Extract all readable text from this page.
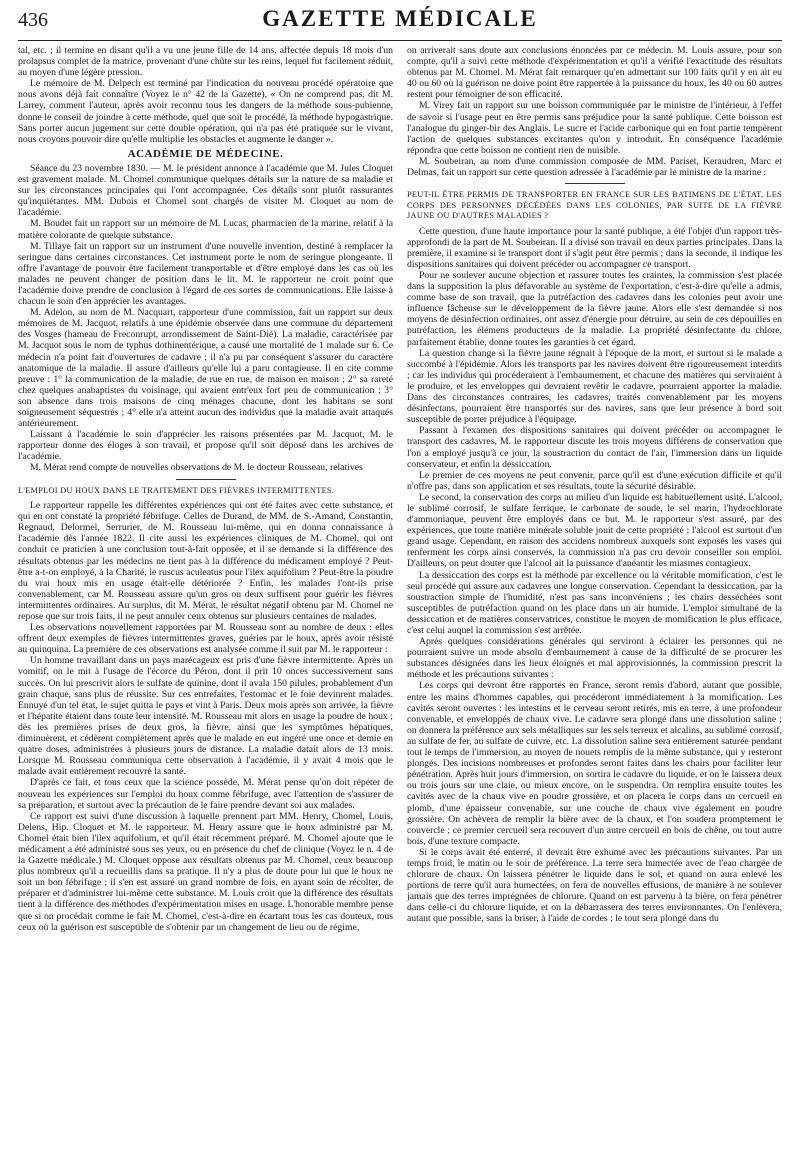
436	GAZETTE MÉDICALE

tal, etc. ; il termine en disant qu'il a vu une jeune fille de 14 ans, affectée depuis 18 mois d'un prolapsus complet de la matrice, provenant d'une chûte sur les reins, lequel fut facilement réduit, au moyen d'une légère pression.

Le mémoire de M. Delpech est terminé par l'indication du nouveau procédé opératoire que nous avons déjà fait connaître (Voyez le n° 42 de la Gazette), « On ne comprend pas, dit M. Larrey, comment l'auteur, après avoir reconnu tous les dangers de la méthode sous-pubienne, donne le conseil de joindre à cette méthode, quel que soit le procédé, la méthode hypogastrique. Sans porter aucun jugement sur cette double opération, qui n'a pas été pratiquée sur le vivant, nous croyons pouvoir dire qu'elle multiplie les obstacles et augmente le danger ».

ACADÉMIE DE MÉDECINE.

Séance du 23 novembre 1830. — M. le président annonce à l'académie que M. Jules Cloquet est gravement malade. M. Chomel communique quelques détails sur la nature de sa maladie et sur les circonstances principales qui l'ont accompagnée. Ces détails sont plutôt rassurantes qu'inquiétantes. MM. Dubois et Chomel sont chargés de visiter M. Cloquet au nom de l'académie.

M. Boudet fait un rapport sur un mémoire de M. Lucas, pharmacien de la marine, relatif à la matière colorante de quelque substance.

M. Tillaye fait un rapport sur un instrument d'une nouvelle invention, destiné à remplacer la seringue dans certaines circonstances. Cet instrument porte le nom de seringue plongeante. Il offre l'avantage de pouvoir être facilement transportable et d'être employé dans les cas où les malades ne peuvent changer de position dans le lit. M. le rapporteur ne croit point que l'académie doive prendre de conclusion à l'égard de ces sortes de communications. Elle laisse à chacun le soin d'en apprécier les avantages.

M. Adelon, au nom de M. Nacquart, rapporteur d'une commission, fait un rapport sur deux mémoires de M. Jacquot, relatifs à une épidémie observée dans une commune du département des Vosges (hameau de Freconrupt, arrondissement de Saint-Dié). La maladie, caractérisée par M. Jacquot sous le nom de typhus dothinentérique, a causé une mortalité de 1 malade sur 6. Ce médecin n'a point fait d'ouvertures de cadavre ; il n'a pu par conséquent s'assurer du caractère anatomique de la maladie. Il assure d'ailleurs qu'elle lui a paru contagieuse. Il en cite comme preuve : 1° la communication de la maladie, de rue en rue, de maison en maison ; 2° sa rareté chez quelques anabaptistes du voisinage, qui avaient entr'eux fort peu de communication ; 3° son absence dans trois maisons de cinq ménages chacune, dont les habitans se sont soigneusement séquestrés ; 4° elle n'a atteint aucun des individus que la maladie avait attaqués antérieurement.

Laissant à l'académie le soin d'apprécier les raisons présentées par M. Jacquot, M. le rapporteur donne des éloges à son travail, et propose qu'il soit déposé dans les archives de l'académie.

M. Mérat rend compte de nouvelles observations de M. le docteur Rousseau, relatives

L'EMPLOI DU HOUX DANS LE TRAITEMENT DES FIÈVRES INTERMITTENTES.

Le rapporteur rappelle les différentes expériences qui ont été faites avec cette substance, et qui en ont constaté la propriété fébrifuge. Celles de Durand, de MM. de S.-Amand, Constantin, Regnaud, Delormel, Serrurier, de M. Rousseau lui-même, qui en donna connaissance à l'académie dès l'année 1822. Il cite aussi les expériences cliniques de M. Chomel, qui ont conduit ce praticien à une conclusion tout-à-fait opposée, et il se demande si la différence des résultats obtenus par les médecins ne tient pas à la différence du médicament employé ? Peut-être a-t-on employé, à la Charité, le ruscus aculeatus pour l'ilex aquifolium ? Peut-être la poudre du vrai houx mis en usage était-elle détériorée ? Enfin, les malades l'ont-ils prise convenablement, car M. Rousseau assure qu'un gros ou deux suffisent pour guérir les fièvres intermittentes ordinaires. Au surplus, dit M. Mérat, le résultat négatif obtenu par M. Chomel ne repose que sur trois faits, il ne peut annuler ceux obtenus sur plusieurs centaines de malades.

Les observations nouvellement rapportées par M. Rousseau sont au nombre de deux : elles offrent deux exemples de fièvres intermittentes graves, guéries par le houx, après avoir résisté au quinquina. La première de ces observations est analysée comme il suit par M. le rapporteur :

Un homme travaillant dans un pays marécageux est pris d'une fièvre intermittente. Après un vomitif, on le mit à l'usage de l'écorce du Pérou, dont il prit 10 onces successivement sans succès. On lui prescrivit alors le sulfate de quinine, dont il avala 150 pilules, probablement d'un grain chaque, sans plus de réussite. Sur ces entrefaites, l'estomac et le foie devinrent malades. Ennuyé d'un tel état, le sujet quitta le pays et vint à Paris. Deux mois après son arrivée, la fièvre et l'hépatite étaient dans toute leur intensité. M. Rousseau mit alors en usage la poudre de houx ; dès les premières prises de deux gros, la fièvre, ainsi que les symptômes hépatiques, diminuèrent, et cédèrent complètement après que le malade en eut ingéré une once et demie en quatre doses, administrées à plusieurs jours de distance. La maladie datait alors de 13 mois. Lorsque M. Rousseau communiqua cette observation à l'académie, il y avait 4 mois que le malade avait entièrement recouvré la santé.

D'après ce fait, et tous ceux que la science possède, M. Mérat pense qu'on doit répéter de nouveau les expériences sur l'emploi du houx comme fébrifuge, avec l'attention de s'assurer de sa préparation, et surtout avec la précaution de le faire prendre devant soi aux malades.

Ce rapport est suivi d'une discussion à laquelle prennent part MM. Henry, Chomel, Louis, Delens, Hip. Cloquet et M. le rapporteur. M. Henry assure que le houx administré par M. Chomel était bien l'ilex aquifolium, et qu'il était récemment préparé. M. Chomel ajoute que le médicament a été administré sous ses yeux, ou en présence du chef de clinique (Voyez le n. 4 de la Gazette médicale.) M. Cloquet oppose aux résultats obtenus par M. Chomel, ceux beaucoup plus nombreux qu'il a recueillis dans sa pratique. Il n'y a plus de doute pour lui que le houx ne soit un bon fébrifuge ; il s'en est assuré un grand nombre de fois, en ayant soin de récolter, de préparer et d'administrer lui-même cette substance. M. Louis croit que la différence des résultats tient à la différence des méthodes d'expérimentation mises en usage. L'honorable membre pense que si on procédait comme le fait M. Chomel, c'est-à-dire en écartant tous les cas douteux, tous ceux où la guérison est susceptible de s'obtenir par un changement de lieu ou de régime,

on arriverait sans doute aux conclusions énoncées par ce médecin. M. Louis assure, pour son compte, qu'il a suivi cette méthode d'expérimentation et qu'il a vérifié l'exactitude des résultats obtenus par M. Chomel. M. Mérat fait remarquer qu'en admettant sur 100 faits qu'il y en ait eu 40 ou 60 où la guérison ne doive point être rapportée à la puissance du houx, les 40 ou 60 autres restent pour témoigner de son efficacité.

M. Virey fait un rapport sur une boisson communiquée par le ministre de l'intérieur, à l'effet de savoir si l'usage peut en être permis sans préjudice pour la santé publique. Cette boisson est l'analogue du ginger-bir des Anglais. Le sucre et l'acide carbonique qui en font partie tempèrent l'action de quelques substances excitantes qu'on y introduit. En conséquence l'académie répondra que cette boisson ne contient rien de nuisible.

M. Soubeiran, au nom d'une commission composée de MM. Pariset, Keraudren, Marc et Delmas, fait un rapport sur cette question adressée à l'académie par le ministre de la marine :

PEUT-IL ÊTRE PERMIS DE TRANSPORTER EN FRANCE SUR LES BATIMENS DE L'ÉTAT, LES CORPS DES PERSONNES DÉCÉDÉES DANS LES COLONIES, PAR SUITE DE LA FIÈVRE JAUNE OU D'AUTRES MALADIES ?

Cette question, d'une haute importance pour la santé publique, a été l'objet d'un rapport très-approfondi de la part de M. Soubeiran. Il a divisé son travail en deux parties principales. Dans la première, il examine si le transport dont il s'agit peut être permis ; dans la seconde, il indique les dispositions sanitaires qui doivent précéder ou accompagner ce transport.

Pour ne soulever aucune objection et rassurer toutes les craintes, la commission s'est placée dans la supposition la plus défavorable au système de l'exportation, c'est-à-dire qu'elle a admis, comme base de son travail, que la putréfaction des cadavres dans les colonies peut avoir une influence fâcheuse sur le développement de la fièvre jaune. Alors elle s'est demandée si nos moyens de désinfection ordinaires, ont assez d'énergie pour détruire, au sein de ces dépouilles en putréfaction, les élémens producteurs de la maladie. La propriété désinfectante du chlore, parfaitement établie, donne toutes les garanties à cet égard.

La question change si la fièvre jaune régnait à l'époque de la mort, et surtout si le malade a succombé à l'épidémie. Alors les transports par les navires doivent être rigoureusement interdits ; car les individus qui procéderaient à l'embaumement, et chacune des matières qui serviraient à le produire, et les enveloppes qui devraient revêtir le cadavre, pourraient apporter la maladie. Dans des circonstances contraires, les cadavres, traités convenablement par les moyens désinfectans, pourraient être transportés sur des navires, sans que leur présence à bord soit susceptible de porter préjudice à l'équipage.

Passant à l'examen des dispositions sanitaires qui doivent précéder ou accompagner le transport des cadavres, M. le rapporteur discute les trois moyens différens de conservation que l'on a employé jusqu'à ce jour, la soustraction du contact de l'air, l'immersion dans un liquide conservateur, et enfin la dessiccation.

Le premier de ces moyens ne peut convenir, parce qu'il est d'une exécution difficile et qu'il n'offre pas, dans son application et ses résultats, toute la sécurité désirable.

Le second, la conservation des corps au milieu d'un liquide est habituellement usité. L'alcool, le sublimé corrosif, le sulfate ferrique, le carbonate de soude, le sel marin, l'hydrochlorate d'ammoniaque, peuvent être employés dans ce but. M. le rapporteur s'est assuré, par des expériences, que toute matière minérale soluble jouit de cette propriété ; l'alcool est surtout d'un grand usage. Cependant, en raison des accidens nombreux auxquels sont exposés les vases qui renferment les corps ainsi conservés, la commission n'a pas cru devoir conseiller son emploi. D'ailleurs, on peut douter que l'alcool ait la puissance d'anéantir les miasmes contagieux.

La dessiccation des corps est la méthode par excellence ou la véritable momification, c'est le seul procédé qui assure aux cadavres une longue conservation. Cependant la dessiccation, par la soustraction simple de l'humidité, n'est pas sans inconvéniens ; les chairs desséchées sont susceptibles de putréfaction quand on les place dans un air humide. L'emploi simultané de la dessiccation et de matières conservatrices, constitue le moyen de momification le plus efficace, c'est celui auquel la commission s'est arrêtée.

Après quelques considérations générales qui serviront à éclairer les personnes qui ne pourraient suivre un mode absolu d'embaumement à cause de la difficulté de se procurer les substances désignées dans les lieux éloignés et mal approvisionnés, la commission prescrit la méthode et les précautions suivantes :

Les corps qui devront être rapportés en France, seront remis d'abord, autant que possible, entre les mains d'hommes capables, qui procéderont immédiatement à la momification. Les cavités seront ouvertes : les intestins et le cerveau seront retirés, mis en terre, à une profondeur convenable, et enveloppés de chaux vive. Le cadavre sera plongé dans une dissolution saline ; on donnera la préférence aux sels métalliques sur les sels terreux et alcalins, au sublimé corrosif, au sulfate de fer, au sulfate de cuivre, etc. La dissolution saline sera entièrement saturée pendant tout le temps de l'immersion, au moyen de nouets remplis de la même substance, qui y resteront plongés. Des incisions nombreuses et profondes seront faites dans les chairs pour faciliter leur pénétration. Après huit jours d'immersion, on sortira le cadavre du liquide, et on le laissera deux ou trois jours sur une claie, ou mieux encore, on le suspendra. On remplira ensuite toutes les cavités avec de la chaux vive en poudre grossière, et on placera le corps dans un cercueil en plomb, d'une épaisseur convenable, sur une couche de chaux vive également en poudre grossière. On achèvera de remplir la bière avec de la chaux, et l'on soudera promptement le couvercle ; ce premier cercueil sera recouvert d'un autre cercueil en bois de chêne, ou tout autre bois, d'une texture compacte.

Si le corps avait été enterré, il devrait être exhumé avec les précautions suivantes. Par un temps froid, le matin ou le soir de préférence. La terre sera humectée avec de l'eau chargée de chlorure de chaux. On laissera pénétrer le liquide dans le sol, et quand on aura enlevé les portions de terre qu'il aura humectées, on fera de nouvelles effusions, de manière à ne soulever jamais que des terres imprégnées de chlorure. Quand on est parvenu à la bière, on fera pénétrer dans celle-ci du chlorure liquide, et on la débarrassera des terres environnantes. On l'enlèvera, autant que possible, sans la briser, à l'aide de cordes ; le tout sera plongé dans du
